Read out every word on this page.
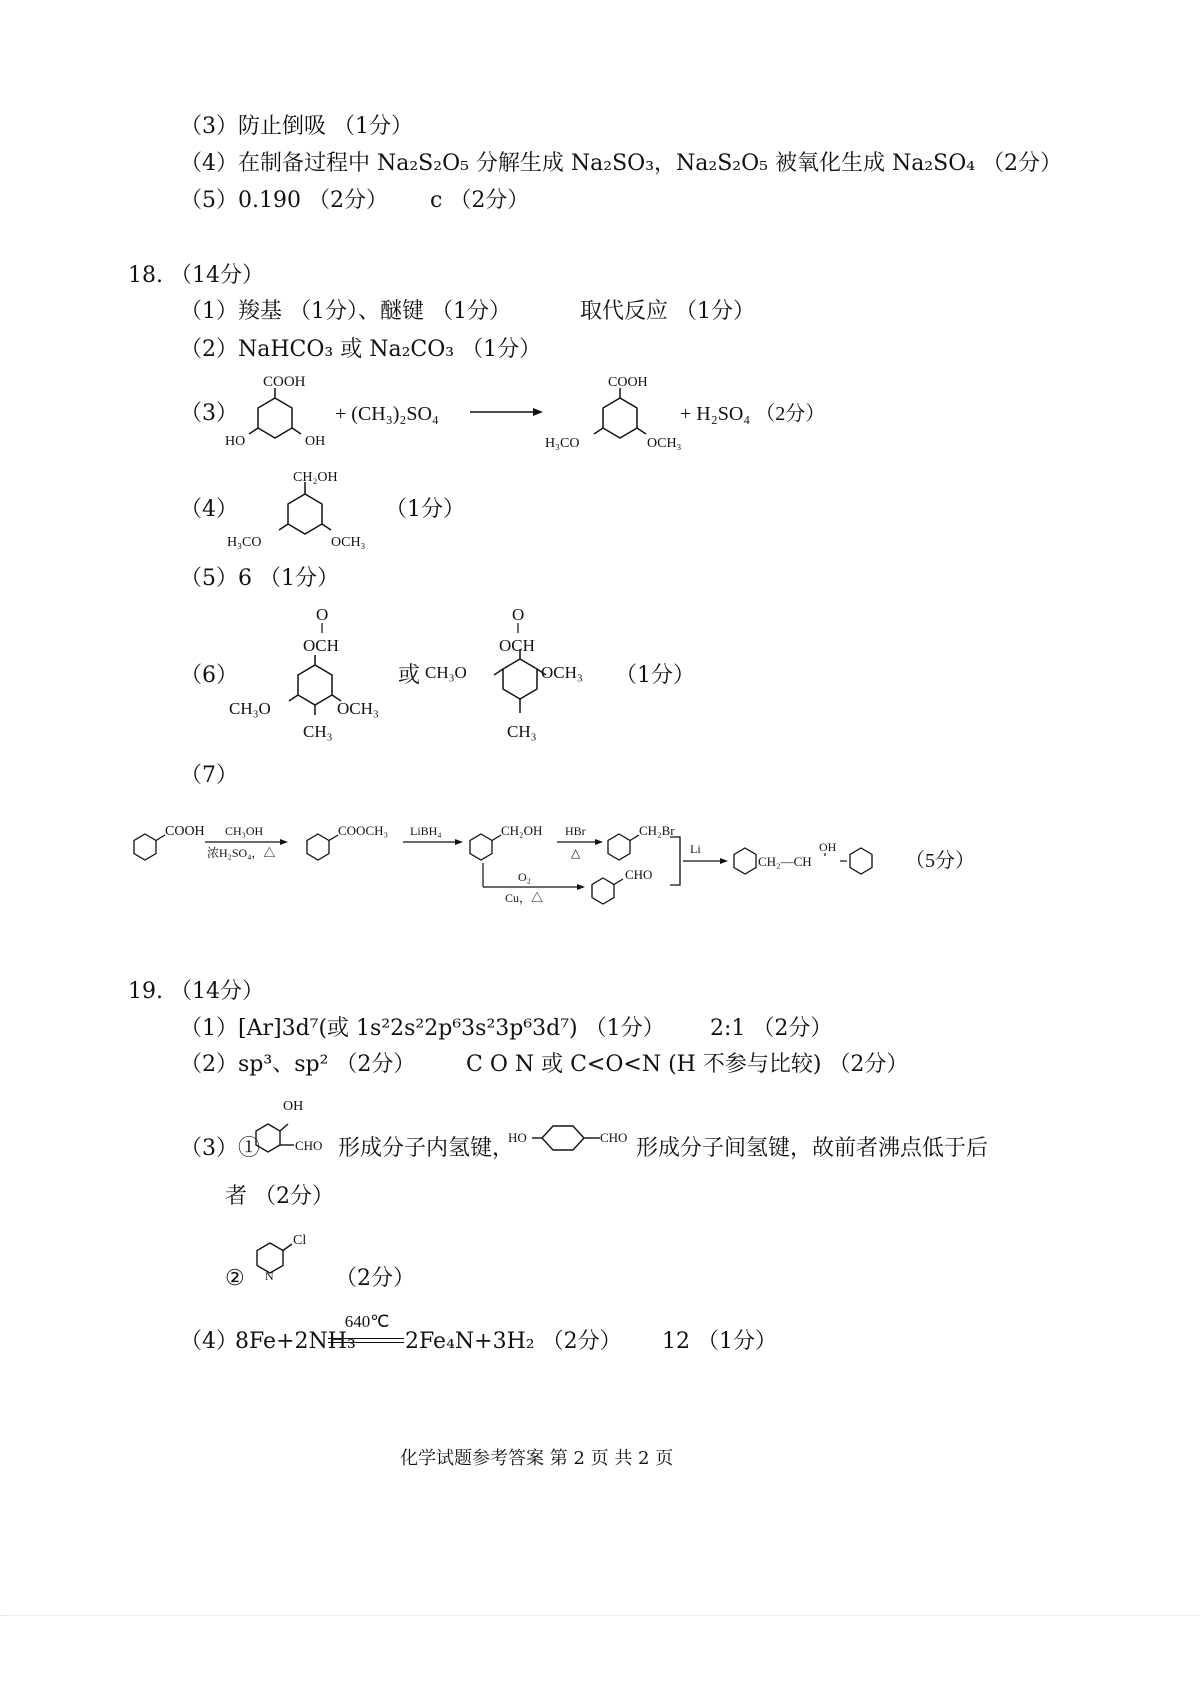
（3）防止倒吸 （1分）
（4）在制备过程中 Na₂S₂O₅ 分解生成 Na₂SO₃，Na₂S₂O₅ 被氧化生成 Na₂SO₄ （2分）
（5）0.190 （2分） c （2分）
18. （14分）
（1）羧基 （1分）、醚键 （1分）	取代反应 （1分）
（2）NaHCO₃ 或 Na₂CO₃ （1分）
（3）
COOH
HO	OH
+ (CH₃)₂SO₄
COOH
H₃CO	OCH₃
+ H₂SO₄ （2分）
（4）
CH₂OH
H₃CO	OCH₃
（1分）
（5）6 （1分）
（6）
O
OCH
CH₃O	OCH₃
CH₃
O
OCH
CH₃O	OCH₃
CH₃
或	（1分）
（7）
COOH CH₃OH
浓H₂SO₄，△
COOCH₃ LiBH₄	CH₂OH HBr
△
CH₂Br
O₂
Cu，△
CHO
Li
CH₂—CH
OH
（5分）
19. （14分）
（1）[Ar]3d⁷(或 1s²2s²2p⁶3s²3p⁶3d⁷) （1分） 2:1 （2分）
（2）sp³、sp² （2分） C O N 或 C<O<N (H 不参与比较) （2分）
（3）①
OH
CHO 形成分子内氢键，
HO	CHO 形成分子间氢键，故前者沸点低于后
者 （2分）
②
Cl
N	（2分）
（4）
8Fe+2NH₃
640℃
2Fe₄N+3H₂ （2分） 12 （1分）
化学试题参考答案 第 2 页 共 2 页
